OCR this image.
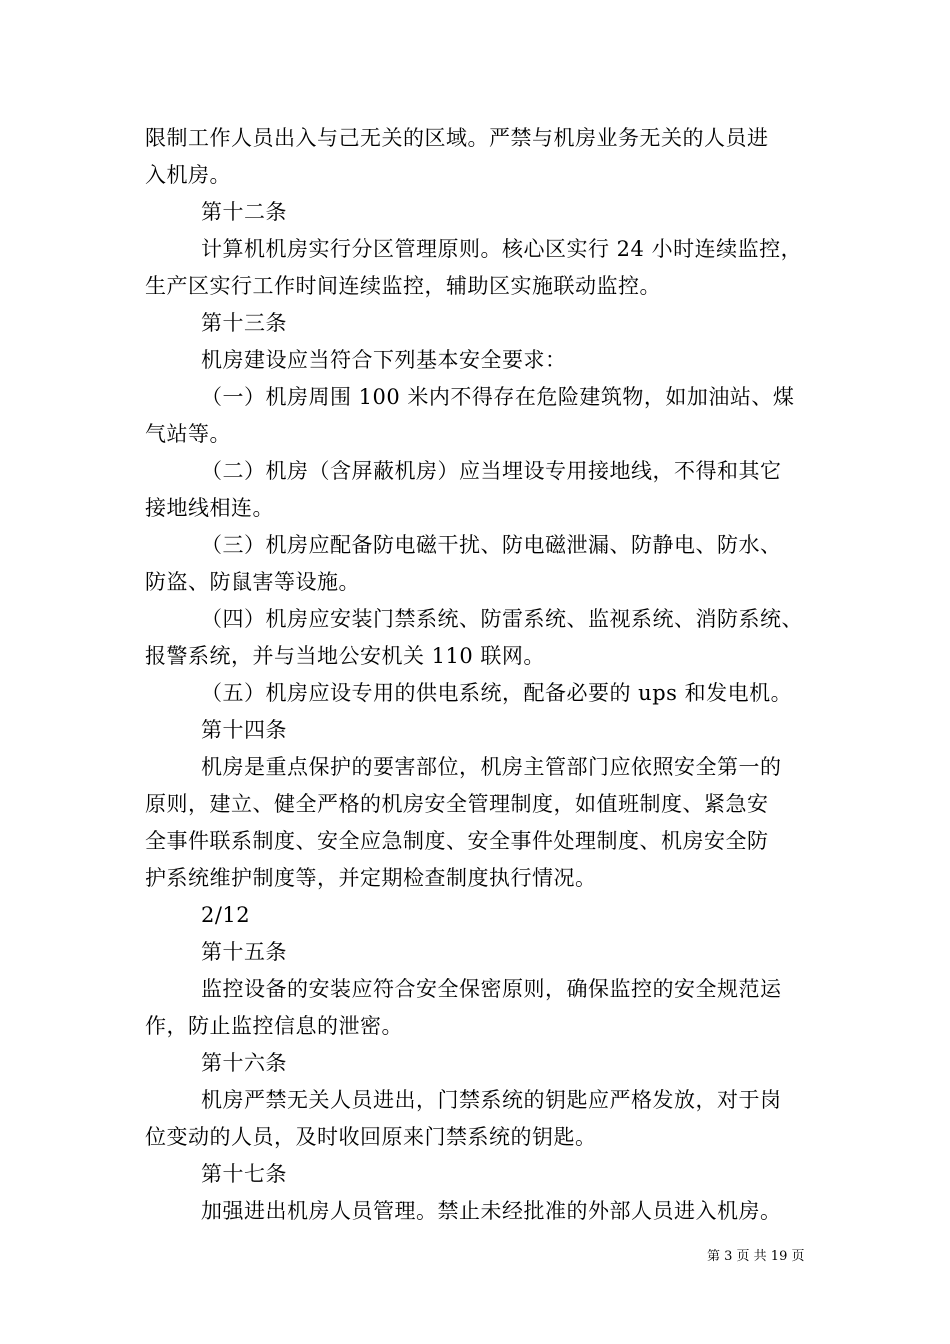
限制工作人员出入与己无关的区域。严禁与机房业务无关的人员进
入机房。
第十二条
计算机机房实行分区管理原则。核心区实行 24 小时连续监控，
生产区实行工作时间连续监控，辅助区实施联动监控。
第十三条
机房建设应当符合下列基本安全要求：
（一）机房周围 100 米内不得存在危险建筑物，如加油站、煤
气站等。
（二）机房（含屏蔽机房）应当埋设专用接地线，不得和其它
接地线相连。
（三）机房应配备防电磁干扰、防电磁泄漏、防静电、防水、
防盗、防鼠害等设施。
（四）机房应安装门禁系统、防雷系统、监视系统、消防系统、
报警系统，并与当地公安机关 110 联网。
（五）机房应设专用的供电系统，配备必要的 ups 和发电机。
第十四条
机房是重点保护的要害部位，机房主管部门应依照安全第一的
原则，建立、健全严格的机房安全管理制度，如值班制度、紧急安
全事件联系制度、安全应急制度、安全事件处理制度、机房安全防
护系统维护制度等，并定期检查制度执行情况。
2/12
第十五条
监控设备的安装应符合安全保密原则，确保监控的安全规范运
作，防止监控信息的泄密。
第十六条
机房严禁无关人员进出，门禁系统的钥匙应严格发放，对于岗
位变动的人员，及时收回原来门禁系统的钥匙。
第十七条
加强进出机房人员管理。禁止未经批准的外部人员进入机房。
第 3 页 共 19 页
